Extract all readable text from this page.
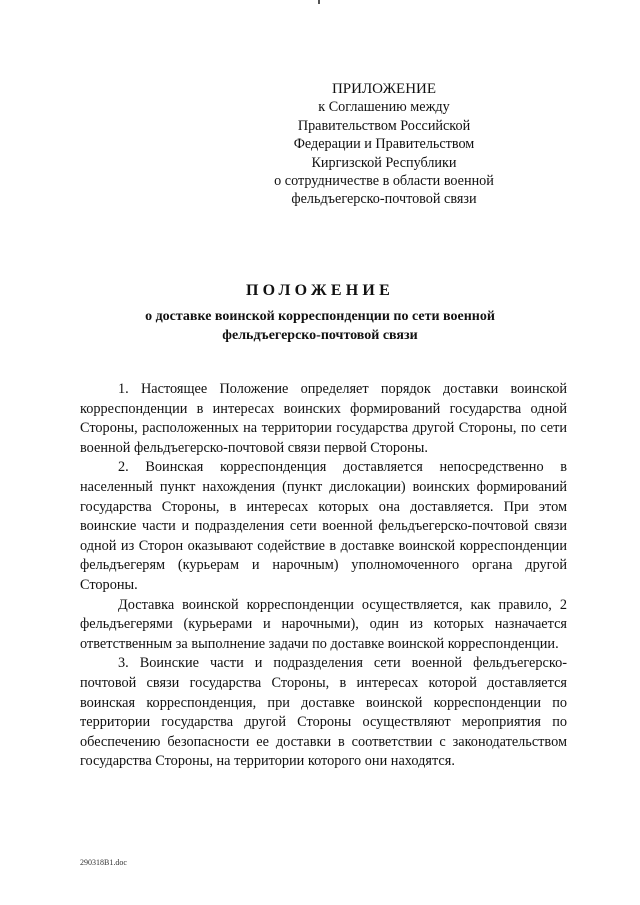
ПРИЛОЖЕНИЕ
к Соглашению между
Правительством Российской
Федерации и Правительством
Киргизской Республики
о сотрудничестве в области военной
фельдъегерско-почтовой связи
ПОЛОЖЕНИЕ
о доставке воинской корреспонденции по сети военной
фельдъегерско-почтовой связи

1. Настоящее Положение определяет порядок доставки воинской корреспонденции в интересах воинских формирований государства одной Стороны, расположенных на территории государства другой Стороны, по сети военной фельдъегерско-почтовой связи первой Стороны.

2. Воинская корреспонденция доставляется непосредственно в населенный пункт нахождения (пункт дислокации) воинских формирований государства Стороны, в интересах которых она доставляется. При этом воинские части и подразделения сети военной фельдъегерско-почтовой связи одной из Сторон оказывают содействие в доставке воинской корреспонденции фельдъегерям (курьерам и нарочным) уполномоченного органа другой Стороны.

Доставка воинской корреспонденции осуществляется, как правило, 2 фельдъегерями (курьерами и нарочными), один из которых назначается ответственным за выполнение задачи по доставке воинской корреспонденции.

3. Воинские части и подразделения сети военной фельдъегерско-почтовой связи государства Стороны, в интересах которой доставляется воинская корреспонденция, при доставке воинской корреспонденции по территории государства другой Стороны осуществляют мероприятия по обеспечению безопасности ее доставки в соответствии с законодательством государства Стороны, на территории которого они находятся.

290318В1.doc
